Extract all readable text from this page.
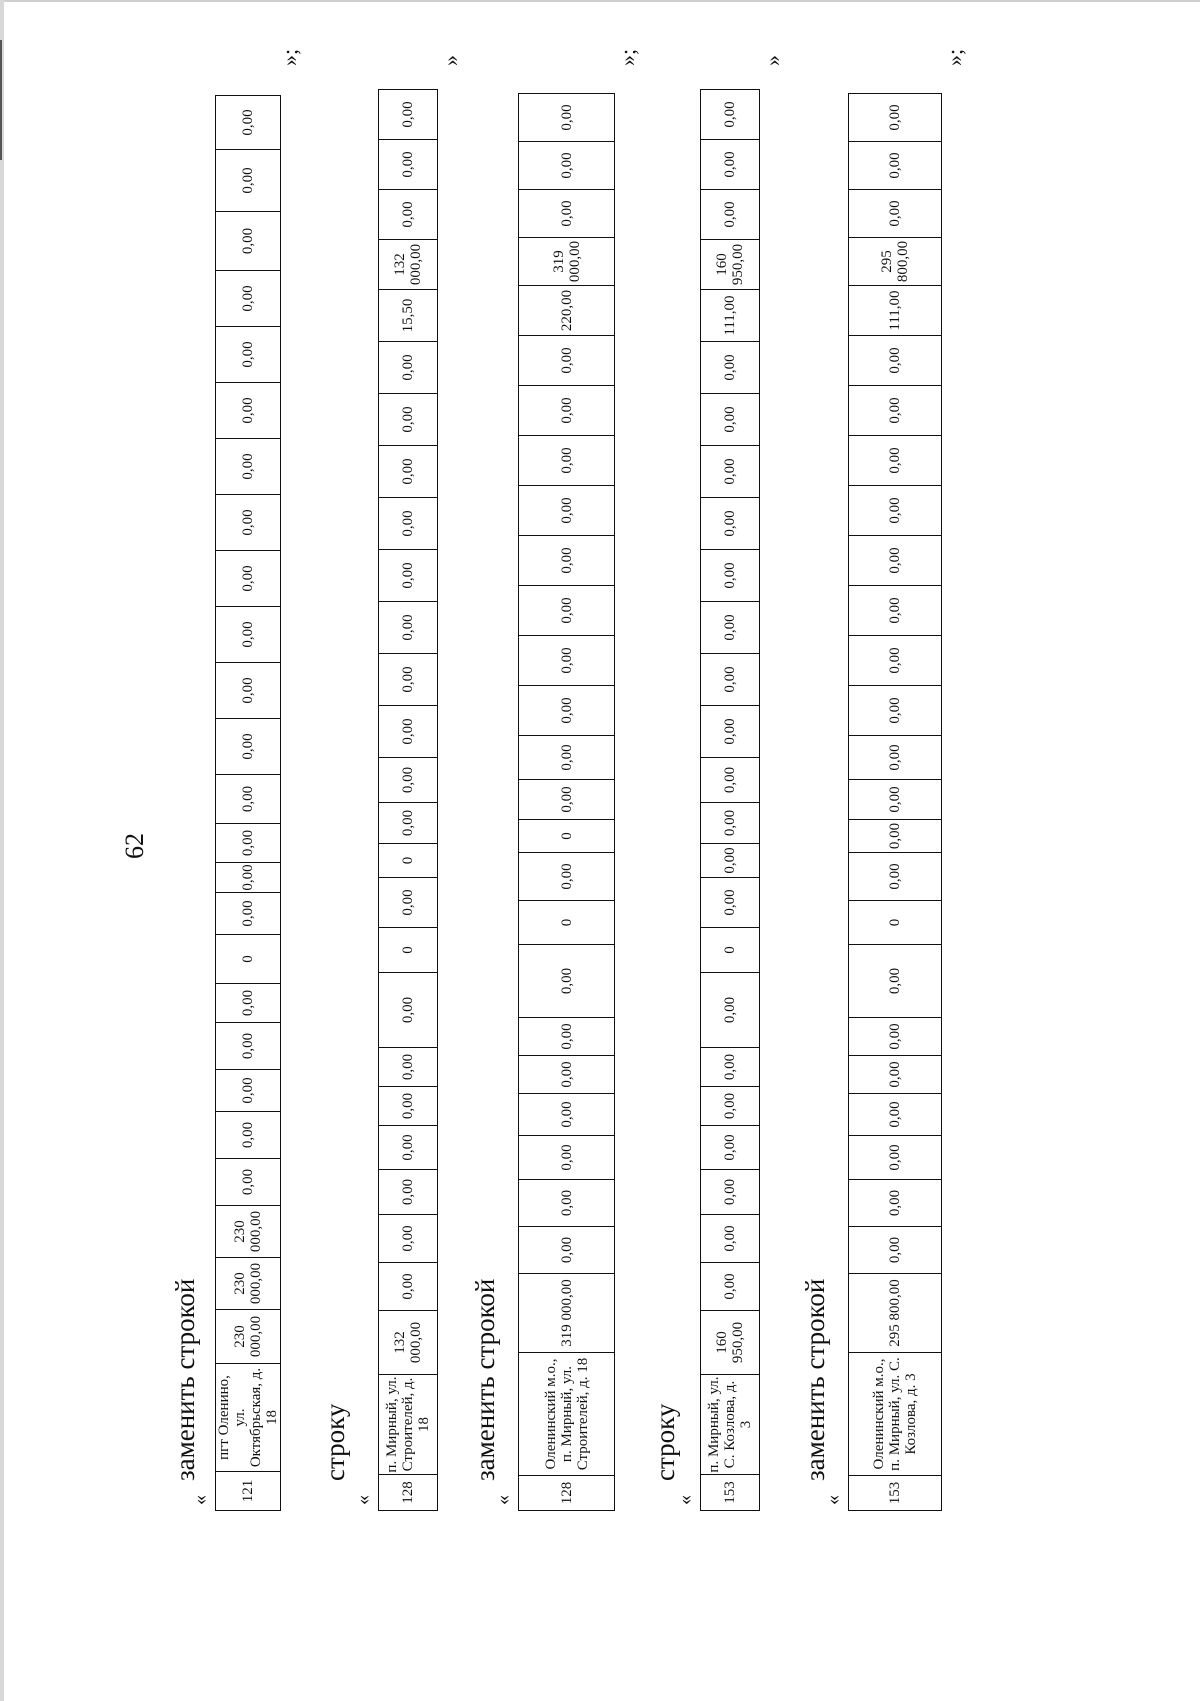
62
заменить строкой
« 121	пгт Оленино, ул. Октябрьская, д. 18	230 000,00	230 000,00	230 000,00	0,00	0,00	0,00	0,00	0,00	0	0,00	0,00	0,00	0,00	0,00	0,00	0,00	0,00	0,00	0,00	0,00	0,00	0,00	0,00	0,00	0,00
»;
строку
« 128	п. Мирный, ул. Строителей, д. 18	132 000,00	0,00	0,00	0,00	0,00	0,00	0,00	0,00	0	0,00	0	0,00	0,00	0,00	0,00	0,00	0,00	0,00	0,00	0,00	0,00	15,50	132 000,00	0,00	0,00	0,00
»
заменить строкой
«	128	Оленинский м.о., п. Мирный, ул. Строителей, д. 18	319 000,00	0,00	0,00	0,00	0,00	0,00	0,00	0,00	0	0,00	0	0,00	0,00	0,00	0,00	0,00	0,00	0,00	0,00	0,00	0,00	220,00	319 000,00	0,00	0,00	0,00
»;
строку
« 153	п. Мирный, ул. С. Козлова, д. 3	160 950,00	0,00	0,00	0,00	0,00	0,00	0,00	0,00	0	0,00	0,00	0,00	0,00	0,00	0,00	0,00	0,00	0,00	0,00	0,00	0,00	111,00	160 950,00	0,00	0,00	0,00
»
заменить строкой
«	153	Оленинский м.о., п. Мирный, ул. С. Козлова, д. 3	295 800,00	0,00	0,00	0,00	0,00	0,00	0,00	0,00	0	0,00	0,00	0,00	0,00	0,00	0,00	0,00	0,00	0,00	0,00	0,00	0,00	111,00	295 800,00	0,00	0,00	0,00
»;
